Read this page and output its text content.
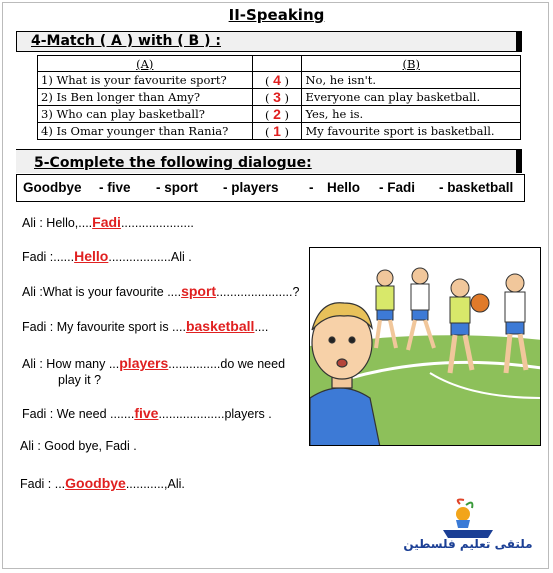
II-Speaking
4-Match ( A ) with ( B ) :
(A)		(B)
1) What is your favourite sport?	( 4 )	No, he isn't.
2) Is Ben longer than Amy?	( 3 )	Everyone can play basketball.
3) Who can play basketball?	( 2 )	Yes, he is.
4) Is Omar younger than Rania?	( 1 )	My favourite sport is basketball.
5-Complete the following dialogue:
Goodbye - five - sport - players - Hello - Fadi - basketball
Ali : Hello,....Fadi.....................
Fadi :......Hello..................Ali .
Ali :What is your favourite ....sport......................?
Fadi : My favourite sport is ....basketball....
Ali : How many ...players...............do we need
play it ?
Fadi : We need .......five...................players .
Ali : Good bye, Fadi .
Fadi : ...Goodbye...........,Ali.
ملتقى تعليم فلسطين
